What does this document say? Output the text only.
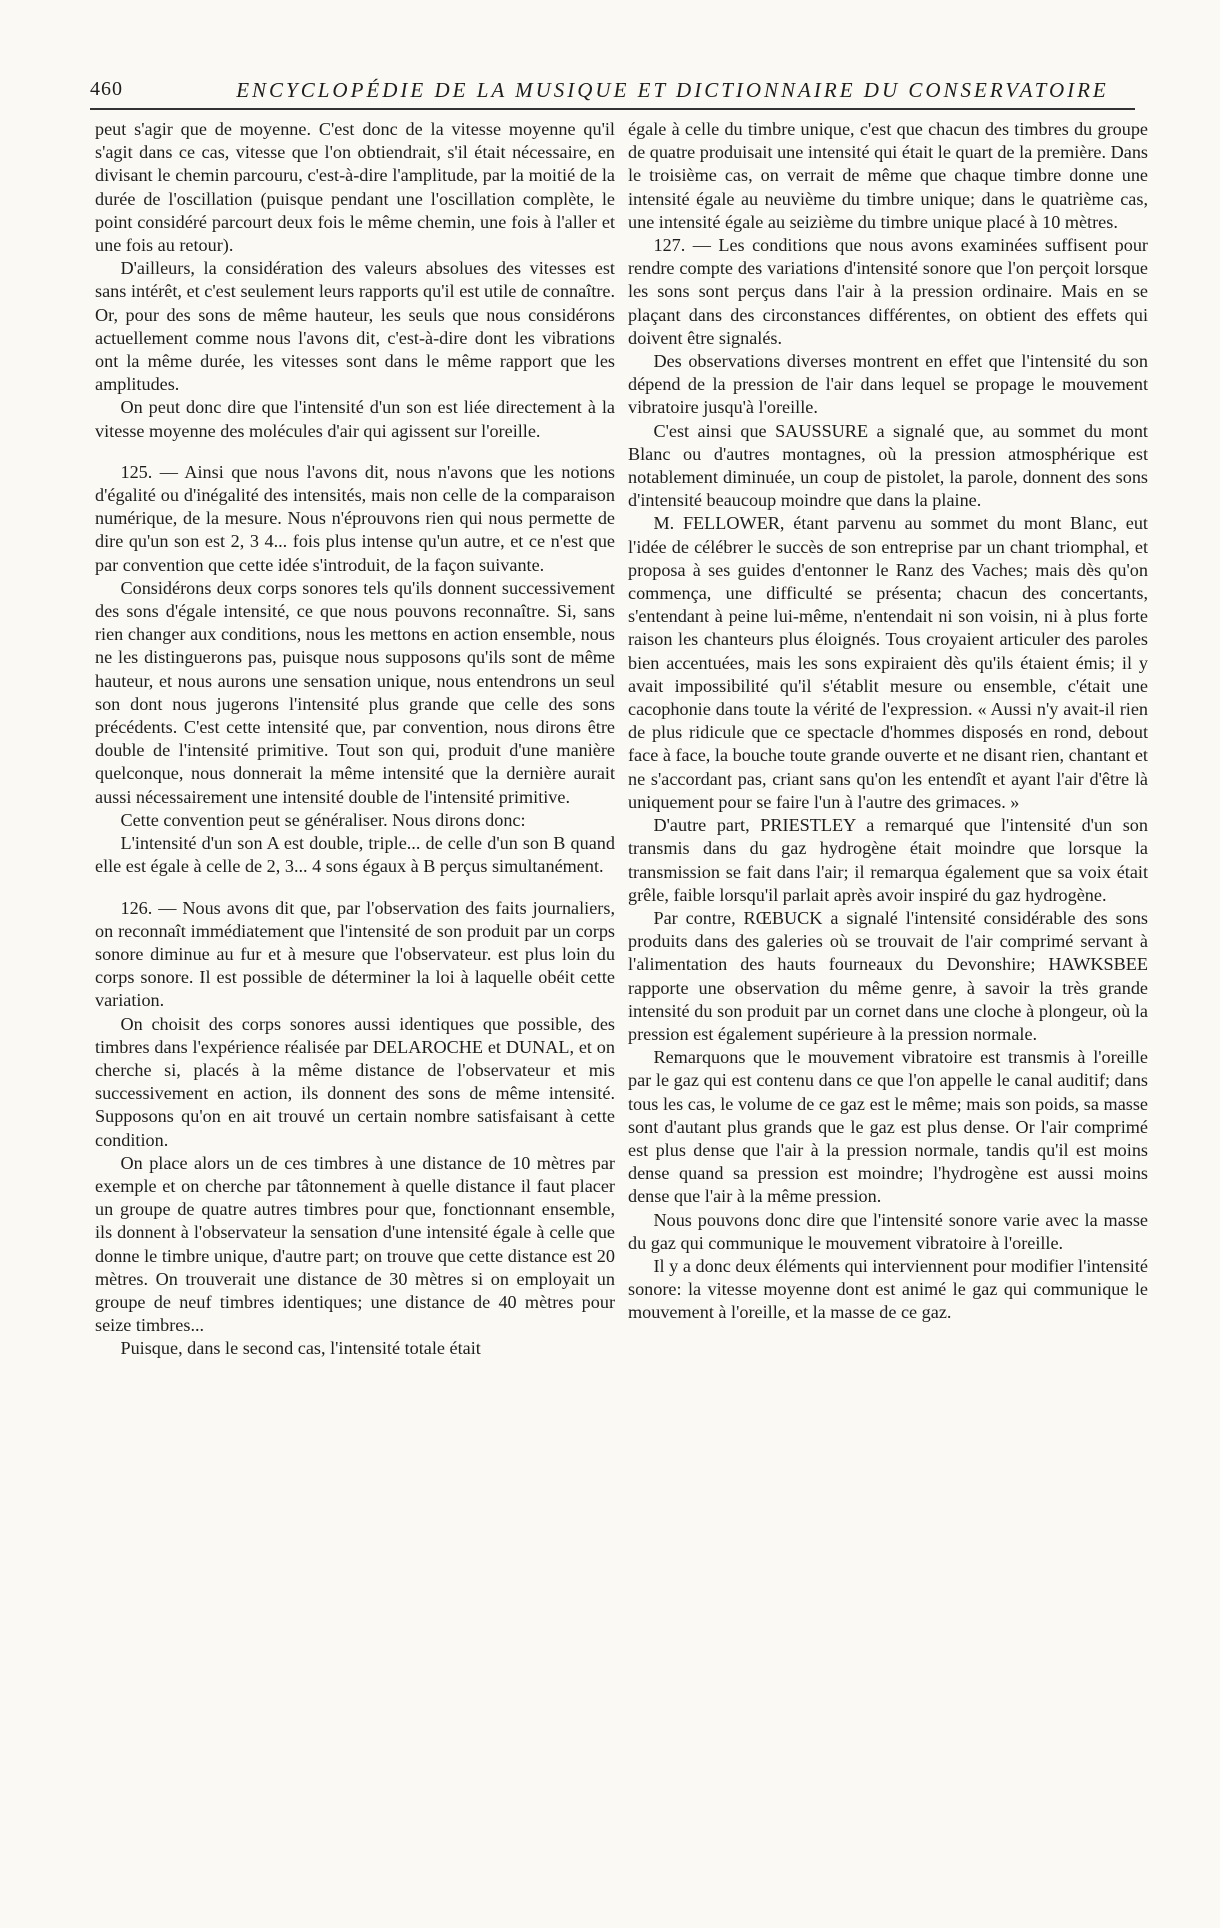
460	ENCYCLOPÉDIE DE LA MUSIQUE ET DICTIONNAIRE DU CONSERVATOIRE

peut s'agir que de moyenne. C'est donc de la vitesse moyenne qu'il s'agit dans ce cas, vitesse que l'on obtiendrait, s'il était nécessaire, en divisant le chemin parcouru, c'est-à-dire l'amplitude, par la moitié de la durée de l'oscillation (puisque pendant une l'oscillation complète, le point considéré parcourt deux fois le même chemin, une fois à l'aller et une fois au retour).

D'ailleurs, la considération des valeurs absolues des vitesses est sans intérêt, et c'est seulement leurs rapports qu'il est utile de connaître. Or, pour des sons de même hauteur, les seuls que nous considérons actuellement comme nous l'avons dit, c'est-à-dire dont les vibrations ont la même durée, les vitesses sont dans le même rapport que les amplitudes.

On peut donc dire que l'intensité d'un son est liée directement à la vitesse moyenne des molécules d'air qui agissent sur l'oreille.

125. — Ainsi que nous l'avons dit, nous n'avons que les notions d'égalité ou d'inégalité des intensités, mais non celle de la comparaison numérique, de la mesure. Nous n'éprouvons rien qui nous permette de dire qu'un son est 2, 3 4... fois plus intense qu'un autre, et ce n'est que par convention que cette idée s'introduit, de la façon suivante.

Considérons deux corps sonores tels qu'ils donnent successivement des sons d'égale intensité, ce que nous pouvons reconnaître. Si, sans rien changer aux conditions, nous les mettons en action ensemble, nous ne les distinguerons pas, puisque nous supposons qu'ils sont de même hauteur, et nous aurons une sensation unique, nous entendrons un seul son dont nous jugerons l'intensité plus grande que celle des sons précédents. C'est cette intensité que, par convention, nous dirons être double de l'intensité primitive. Tout son qui, produit d'une manière quelconque, nous donnerait la même intensité que la dernière aurait aussi nécessairement une intensité double de l'intensité primitive.

Cette convention peut se généraliser. Nous dirons donc:

L'intensité d'un son A est double, triple... de celle d'un son B quand elle est égale à celle de 2, 3... 4 sons égaux à B perçus simultanément.

126. — Nous avons dit que, par l'observation des faits journaliers, on reconnaît immédiatement que l'intensité de son produit par un corps sonore diminue au fur et à mesure que l'observateur. est plus loin du corps sonore. Il est possible de déterminer la loi à laquelle obéit cette variation.

On choisit des corps sonores aussi identiques que possible, des timbres dans l'expérience réalisée par DELAROCHE et DUNAL, et on cherche si, placés à la même distance de l'observateur et mis successivement en action, ils donnent des sons de même intensité. Supposons qu'on en ait trouvé un certain nombre satisfaisant à cette condition.

On place alors un de ces timbres à une distance de 10 mètres par exemple et on cherche par tâtonnement à quelle distance il faut placer un groupe de quatre autres timbres pour que, fonctionnant ensemble, ils donnent à l'observateur la sensation d'une intensité égale à celle que donne le timbre unique, d'autre part; on trouve que cette distance est 20 mètres. On trouverait une distance de 30 mètres si on employait un groupe de neuf timbres identiques; une distance de 40 mètres pour seize timbres...

Puisque, dans le second cas, l'intensité totale était

égale à celle du timbre unique, c'est que chacun des timbres du groupe de quatre produisait une intensité qui était le quart de la première. Dans le troisième cas, on verrait de même que chaque timbre donne une intensité égale au neuvième du timbre unique; dans le quatrième cas, une intensité égale au seizième du timbre unique placé à 10 mètres.

127. — Les conditions que nous avons examinées suffisent pour rendre compte des variations d'intensité sonore que l'on perçoit lorsque les sons sont perçus dans l'air à la pression ordinaire. Mais en se plaçant dans des circonstances différentes, on obtient des effets qui doivent être signalés.

Des observations diverses montrent en effet que l'intensité du son dépend de la pression de l'air dans lequel se propage le mouvement vibratoire jusqu'à l'oreille.

C'est ainsi que SAUSSURE a signalé que, au sommet du mont Blanc ou d'autres montagnes, où la pression atmosphérique est notablement diminuée, un coup de pistolet, la parole, donnent des sons d'intensité beaucoup moindre que dans la plaine.

M. FELLOWER, étant parvenu au sommet du mont Blanc, eut l'idée de célébrer le succès de son entreprise par un chant triomphal, et proposa à ses guides d'entonner le Ranz des Vaches; mais dès qu'on commença, une difficulté se présenta; chacun des concertants, s'entendant à peine lui-même, n'entendait ni son voisin, ni à plus forte raison les chanteurs plus éloignés. Tous croyaient articuler des paroles bien accentuées, mais les sons expiraient dès qu'ils étaient émis; il y avait impossibilité qu'il s'établit mesure ou ensemble, c'était une cacophonie dans toute la vérité de l'expression. « Aussi n'y avait-il rien de plus ridicule que ce spectacle d'hommes disposés en rond, debout face à face, la bouche toute grande ouverte et ne disant rien, chantant et ne s'accordant pas, criant sans qu'on les entendît et ayant l'air d'être là uniquement pour se faire l'un à l'autre des grimaces. »

D'autre part, PRIESTLEY a remarqué que l'intensité d'un son transmis dans du gaz hydrogène était moindre que lorsque la transmission se fait dans l'air; il remarqua également que sa voix était grêle, faible lorsqu'il parlait après avoir inspiré du gaz hydrogène.

Par contre, RŒBUCK a signalé l'intensité considérable des sons produits dans des galeries où se trouvait de l'air comprimé servant à l'alimentation des hauts fourneaux du Devonshire; HAWKSBEE rapporte une observation du même genre, à savoir la très grande intensité du son produit par un cornet dans une cloche à plongeur, où la pression est également supérieure à la pression normale.

Remarquons que le mouvement vibratoire est transmis à l'oreille par le gaz qui est contenu dans ce que l'on appelle le canal auditif; dans tous les cas, le volume de ce gaz est le même; mais son poids, sa masse sont d'autant plus grands que le gaz est plus dense. Or l'air comprimé est plus dense que l'air à la pression normale, tandis qu'il est moins dense quand sa pression est moindre; l'hydrogène est aussi moins dense que l'air à la même pression.

Nous pouvons donc dire que l'intensité sonore varie avec la masse du gaz qui communique le mouvement vibratoire à l'oreille.

Il y a donc deux éléments qui interviennent pour modifier l'intensité sonore: la vitesse moyenne dont est animé le gaz qui communique le mouvement à l'oreille, et la masse de ce gaz.
